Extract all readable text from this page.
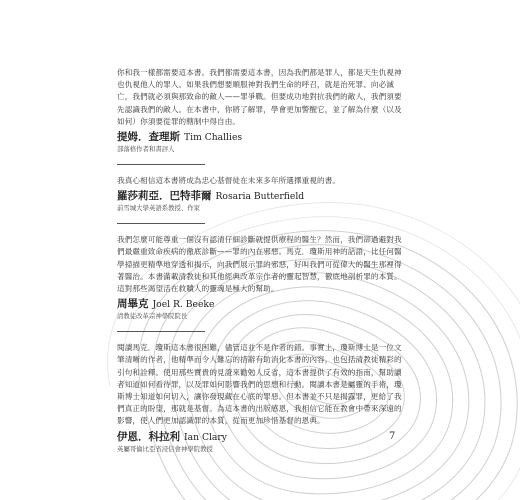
你和我一樣都需要這本書。我們都需要這本書，因為我們都是罪人，都是天生仇視神也仇視他人的罪人。如果我們想要順服神對我們生命的呼召，就是治死罪、向必滅亡，我們就必須與那致命的敵人——罪爭戰。但要成功地對抗我們的敵人，我們須要先認識我們的敵人。在本書中，你將了解罪，學會更加警醒它，並了解為什麼（以及如何）你須要從罪的轄制中得自由。

提姆．查理斯 Tim Challies
部落格作者和書評人

我真心相信這本書將成為忠心基督徒在未來多年所選擇重視的書。

羅莎莉亞．巴特菲爾 Rosaria Butterfield
前雪城大學英語系教授、作家

我們怎麼可能尊重一個沒有認清仔細診斷就提供療程的醫生？然而，我們卻過避對我們最嚴重致命疾病的徹底診斷——罪的內在邪惡。馬克．瓊斯用神的話語，比任何醫學掃描更精準地穿透和揭示，向我們展示罪的邪惡，好叫我們可從偉大的醫生那裡得著醫治。本書滿載清教徒和其他經典改革宗作者的靈起智慧，徹底地剖析罪的本質。這對那些渴望活在救贖人的靈魂是極大的幫助。

周畢克 Joel R. Beeke
清教徒改革宗神學院院長

閱讀馬克．瓊斯這本書很困難，儘管這並不是作者的錯。事實上，瓊斯博士是一位文筆清晰的作者，他精準而令人難忘的措辭有助消化本書的內容，也包括清教徒精彩的引句和詮釋。使用那些寶貴的見證來勸勉人反省，這本書提供了有效的指南，幫助讀者知道如何看待罪，以及罪如何影響我們的思想和行動。閱讀本書是屬靈的手術，瓊斯博士知道如何切入，讓你發現藏在心底的罪惡。但本書並不只是揭露罪，更給了我們真正的盼望，那就是基督。為這本書的出版感恩，我相信它能在教會中帶來深遠的影響，使人們更加認識罪的本質，從而更加珍惜基督的恩典。

伊恩．科拉利 Ian Clary
英屬哥倫比亞省浸信會神學院教授
7
